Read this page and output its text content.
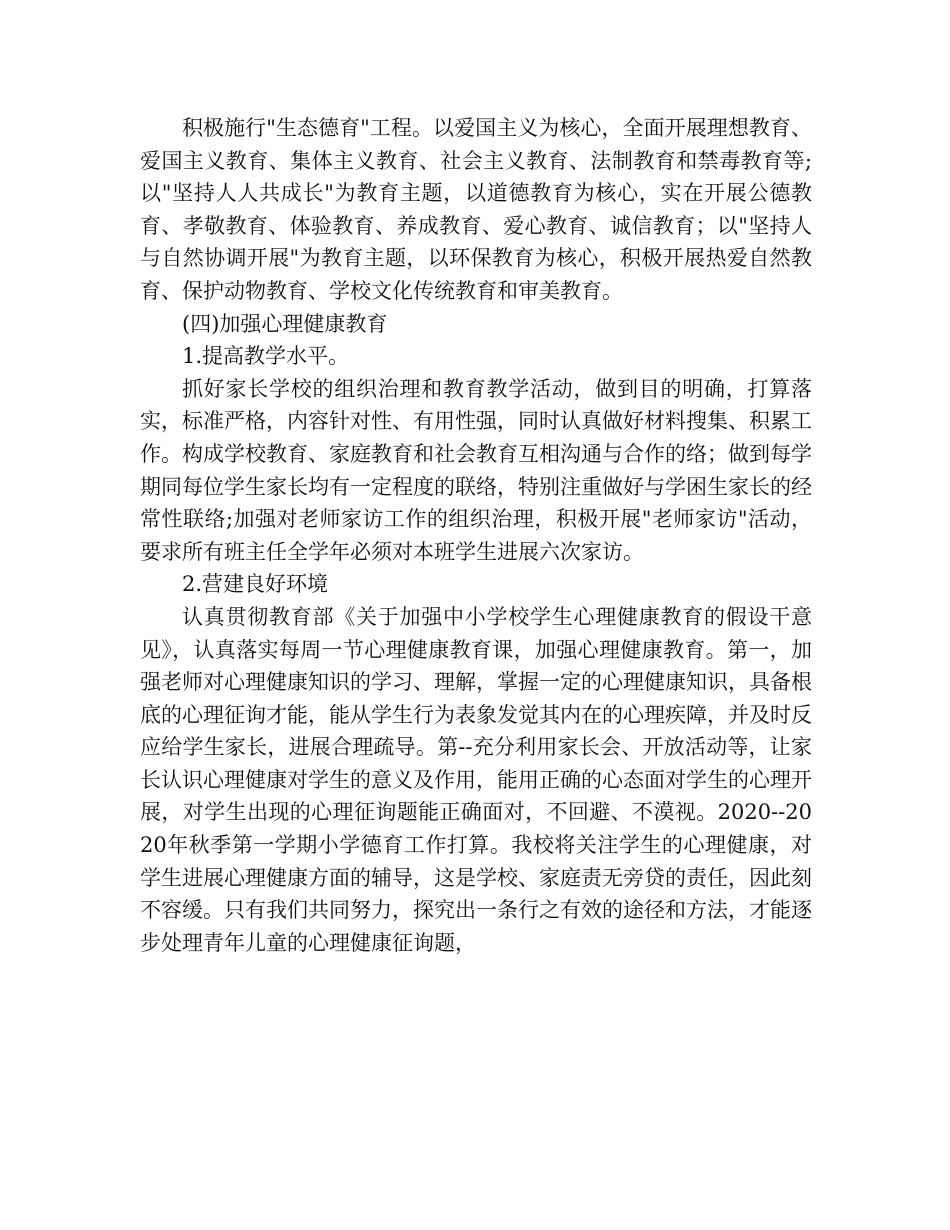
积极施行"生态德育"工程。以爱国主义为核心，全面开展理想教育、爱国主义教育、集体主义教育、社会主义教育、法制教育和禁毒教育等;以"坚持人人共成长"为教育主题，以道德教育为核心，实在开展公德教育、孝敬教育、体验教育、养成教育、爱心教育、诚信教育；以"坚持人与自然协调开展"为教育主题，以环保教育为核心，积极开展热爱自然教育、保护动物教育、学校文化传统教育和审美教育。

(四)加强心理健康教育

1.提高教学水平。

抓好家长学校的组织治理和教育教学活动，做到目的明确，打算落实，标准严格，内容针对性、有用性强，同时认真做好材料搜集、积累工作。构成学校教育、家庭教育和社会教育互相沟通与合作的络；做到每学期同每位学生家长均有一定程度的联络，特别注重做好与学困生家长的经常性联络;加强对老师家访工作的组织治理，积极开展"老师家访"活动，要求所有班主任全学年必须对本班学生进展六次家访。

2.营建良好环境

认真贯彻教育部《关于加强中小学校学生心理健康教育的假设干意见》，认真落实每周一节心理健康教育课，加强心理健康教育。第一，加强老师对心理健康知识的学习、理解，掌握一定的心理健康知识，具备根底的心理征询才能，能从学生行为表象发觉其内在的心理疾障，并及时反应给学生家长，进展合理疏导。第--充分利用家长会、开放活动等，让家长认识心理健康对学生的意义及作用，能用正确的心态面对学生的心理开展，对学生出现的心理征询题能正确面对，不回避、不漠视。2020--2020年秋季第一学期小学德育工作打算。我校将关注学生的心理健康，对学生进展心理健康方面的辅导，这是学校、家庭责无旁贷的责任，因此刻不容缓。只有我们共同努力，探究出一条行之有效的途径和方法，才能逐步处理青年儿童的心理健康征询题，
